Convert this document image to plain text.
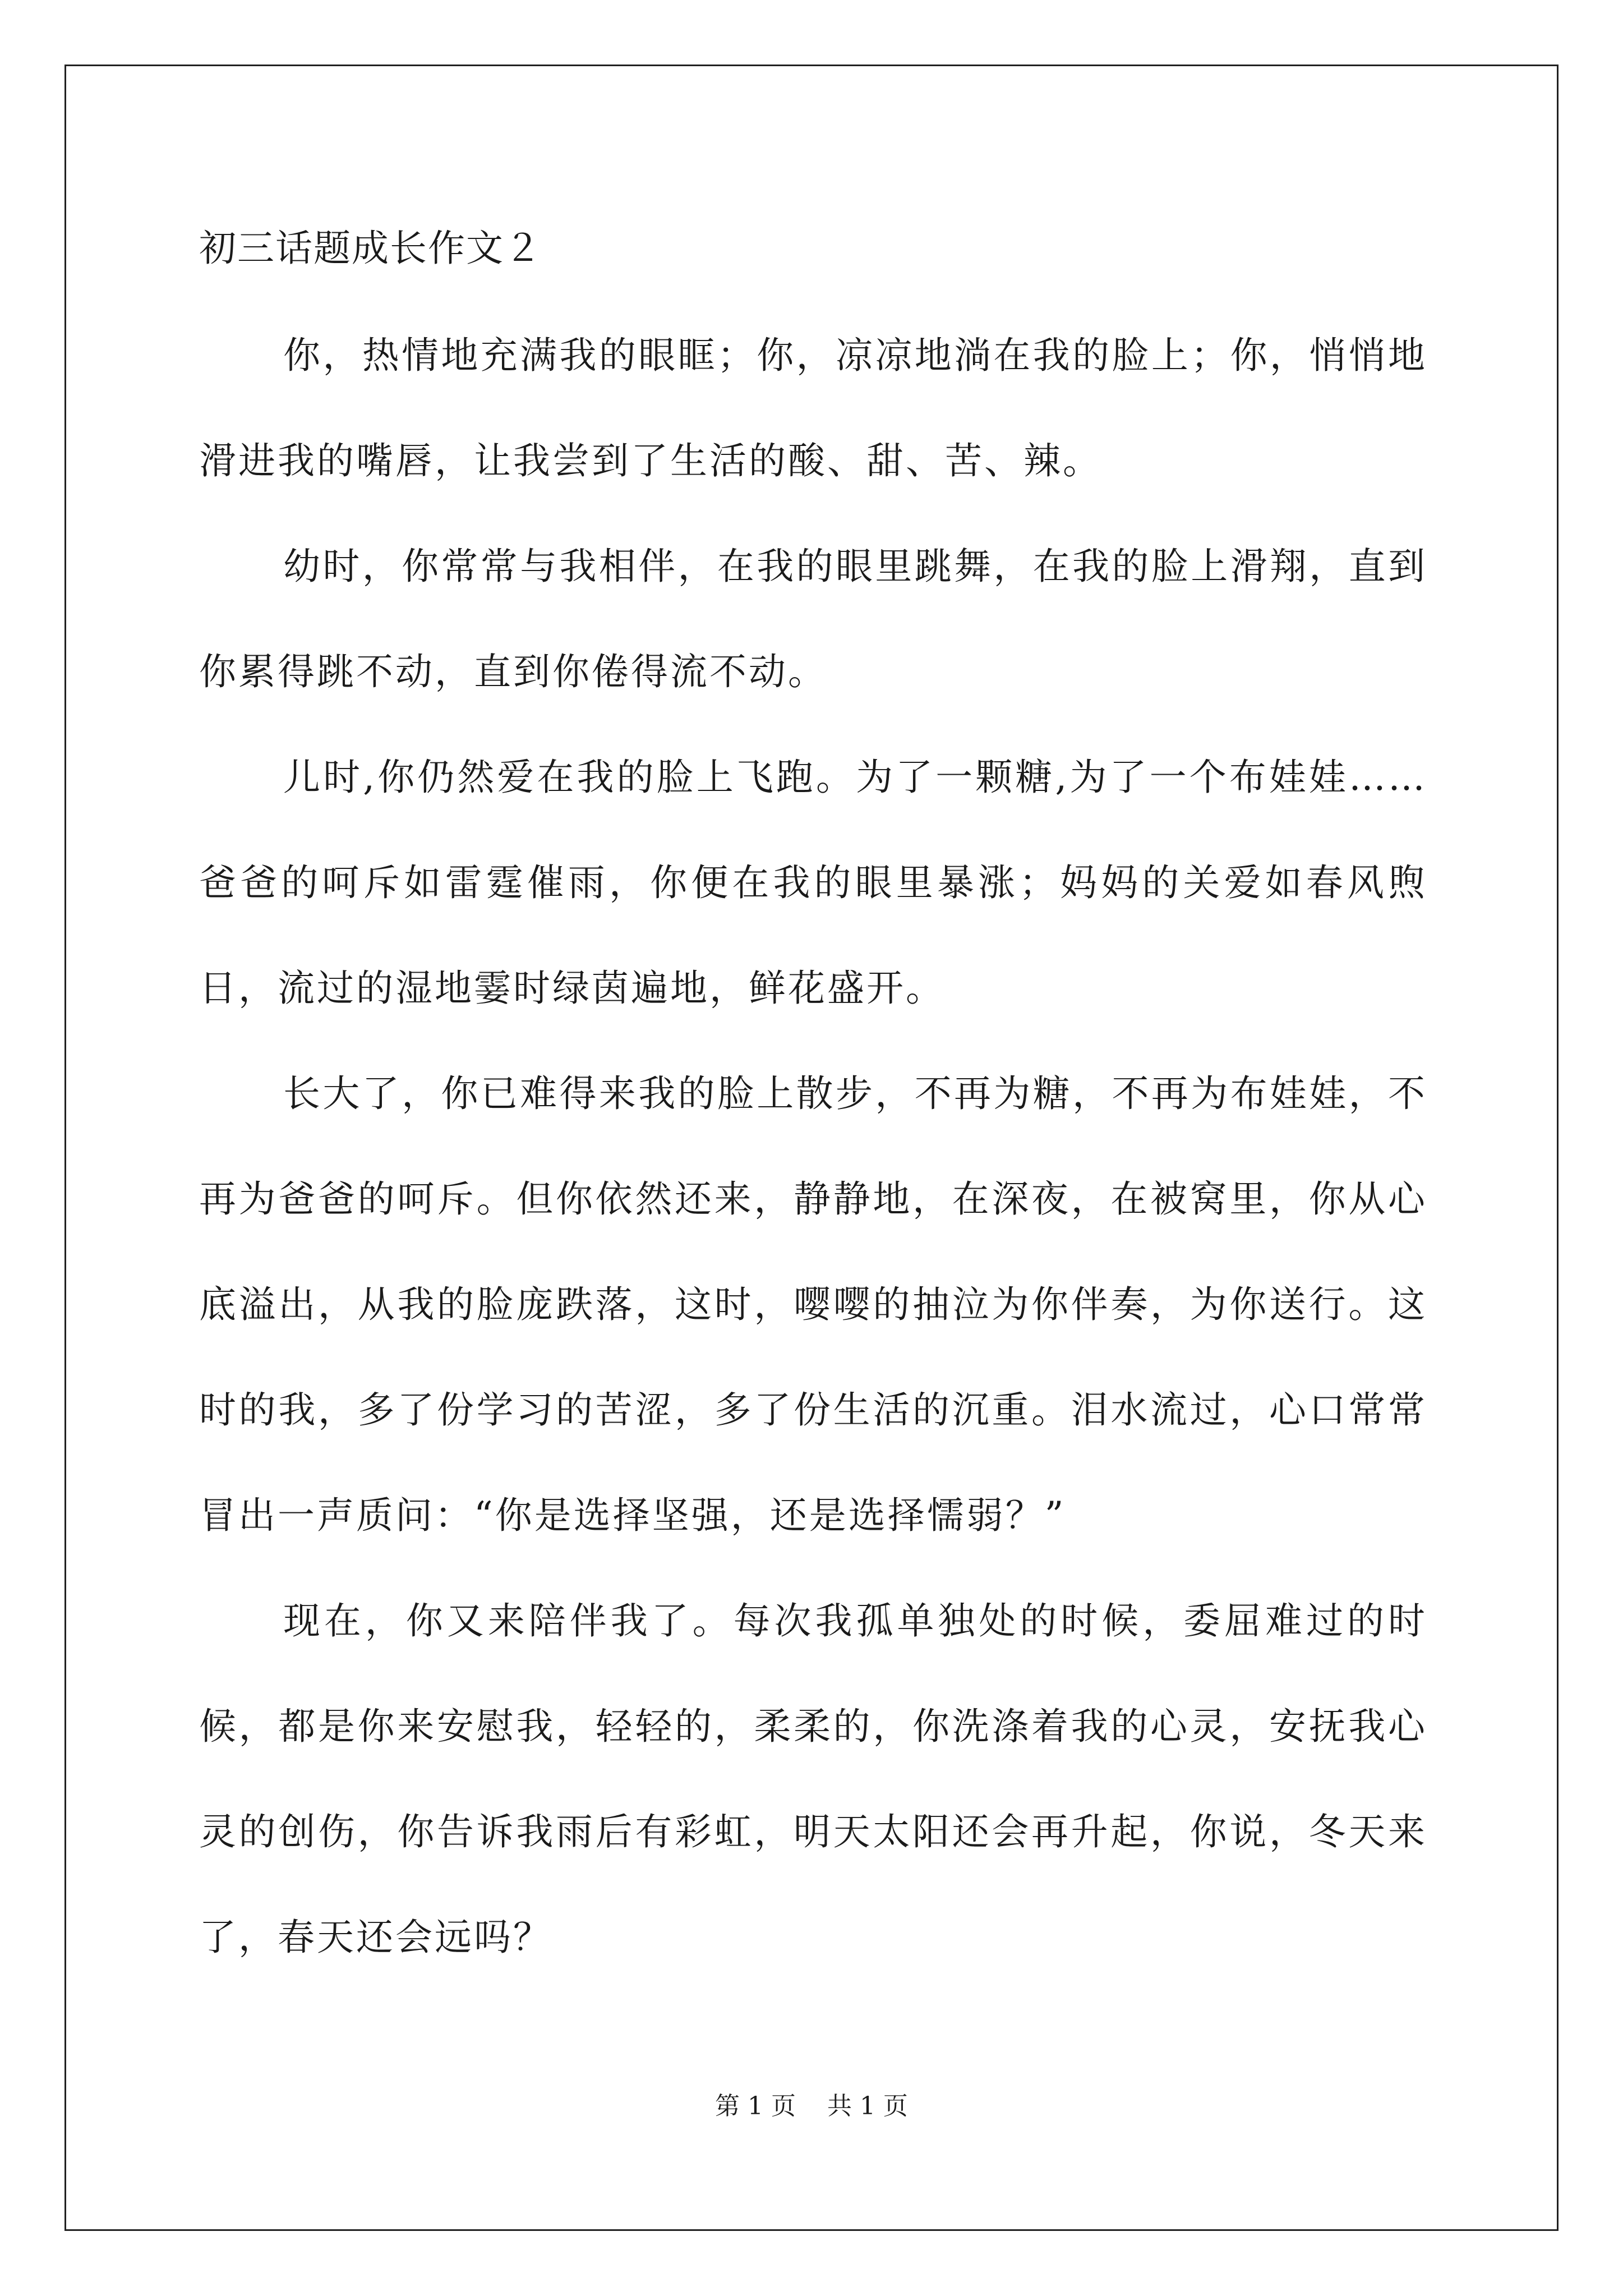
初三话题成长作文２

你，热情地充满我的眼眶；你，凉凉地淌在我的脸上；你，悄悄地滑进我的嘴唇，让我尝到了生活的酸、甜、苦、辣。

幼时，你常常与我相伴，在我的眼里跳舞，在我的脸上滑翔，直到你累得跳不动，直到你倦得流不动。

儿时,你仍然爱在我的脸上飞跑。为了一颗糖,为了一个布娃娃……爸爸的呵斥如雷霆催雨，你便在我的眼里暴涨；妈妈的关爱如春风煦日，流过的湿地霎时绿茵遍地，鲜花盛开。

长大了，你已难得来我的脸上散步，不再为糖，不再为布娃娃，不再为爸爸的呵斥。但你依然还来，静静地，在深夜，在被窝里，你从心底溢出，从我的脸庞跌落，这时，嘤嘤的抽泣为你伴奏，为你送行。这时的我，多了份学习的苦涩，多了份生活的沉重。泪水流过，心口常常冒出一声质问：“你是选择坚强，还是选择懦弱？”

现在，你又来陪伴我了。每次我孤单独处的时候，委屈难过的时候，都是你来安慰我，轻轻的，柔柔的，你洗涤着我的心灵，安抚我心灵的创伤，你告诉我雨后有彩虹，明天太阳还会再升起，你说，冬天来了，春天还会远吗？

第 1 页    共 1 页
